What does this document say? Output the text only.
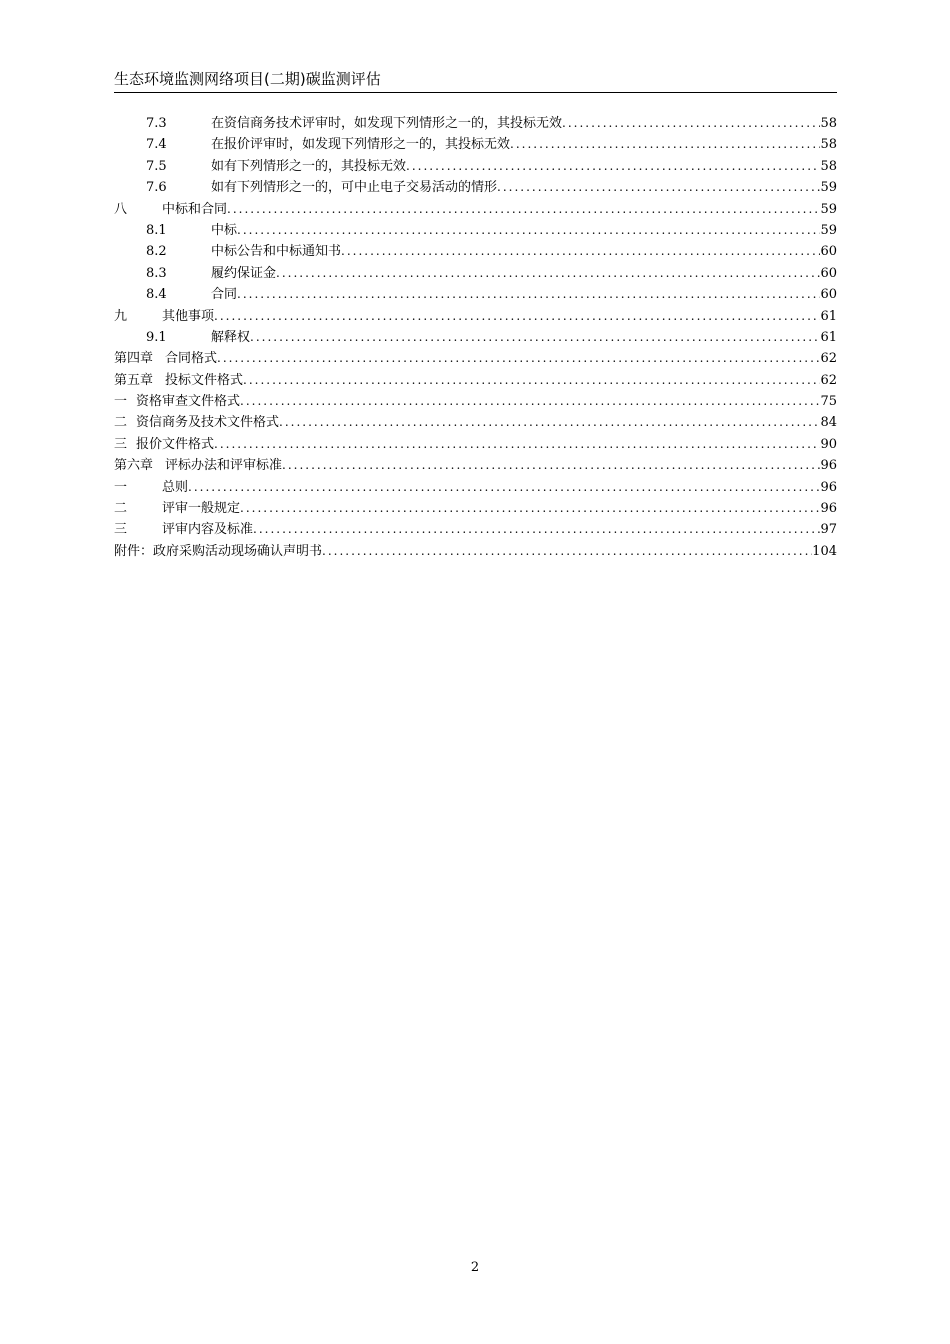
生态环境监测网络项目(二期)碳监测评估
7.3	在资信商务技术评审时，如发现下列情形之一的，其投标无效 .....	58
7.4	在报价评审时，如发现下列情形之一的，其投标无效 .....	58
7.5	如有下列情形之一的，其投标无效 .....	58
7.6	如有下列情形之一的，可中止电子交易活动的情形 .....	59
八	中标和合同 .....	59
8.1	中标 .....	59
8.2	中标公告和中标通知书 .....	60
8.3	履约保证金 .....	60
8.4	合同 .....	60
九	其他事项 .....	61
9.1	解释权 .....	61
第四章 合同格式 .....	62
第五章 投标文件格式 .....	62
一 资格审查文件格式 .....	75
二 资信商务及技术文件格式 .....	84
三 报价文件格式 .....	90
第六章 评标办法和评审标准 .....	96
一	总则 .....	96
二	评审一般规定 .....	96
三	评审内容及标准 .....	97
附件：政府采购活动现场确认声明书 .....	104
2
